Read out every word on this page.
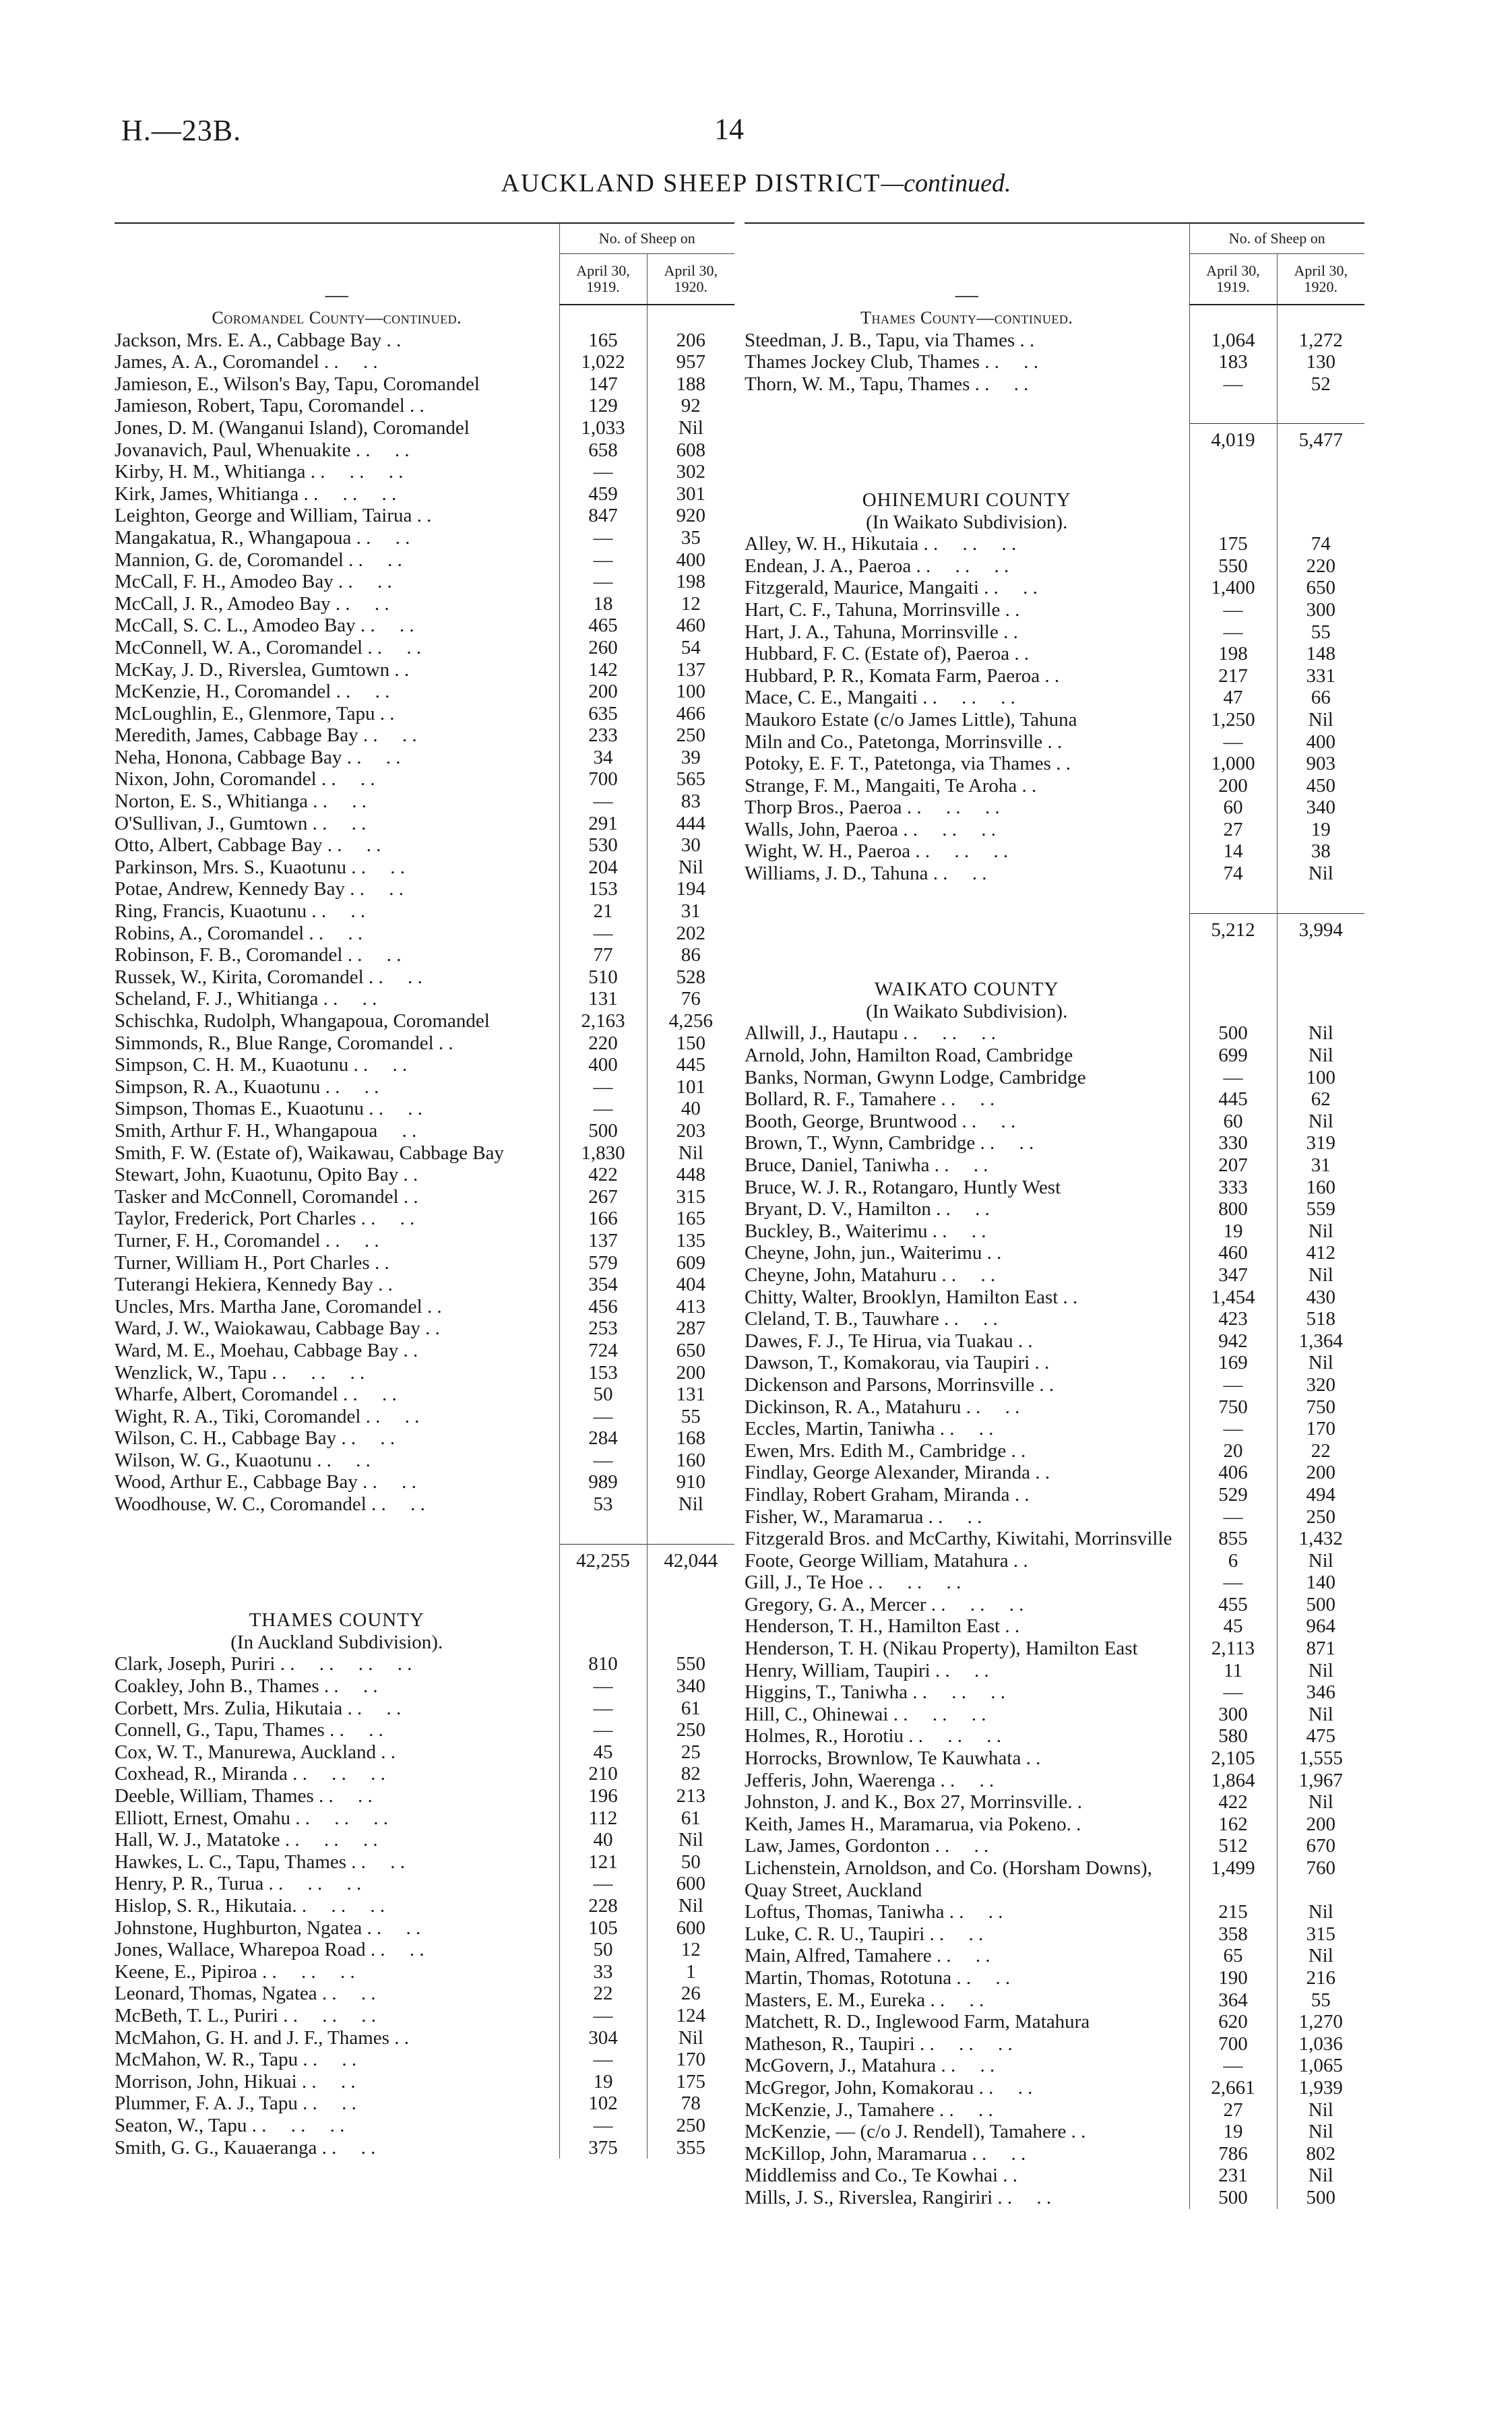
H.—23B.	14
AUCKLAND SHEEP DISTRICT—continued.
—	No. of Sheep on	
	April 30, 1919.	April 30, 1920.
Coromandel County—continued.		
Jackson, Mrs. E. A., Cabbage Bay . .	165	206
James, A. A., Coromandel . .     . .	1,022	957

Jamieson, E., Wilson's Bay, Tapu, Coromandel	147	188
Jamieson, Robert, Tapu, Coromandel . .	129	92

Jones, D. M. (Wanganui Island), Coromandel	1,033	Nil
Jovanavich, Paul, Whenuakite . .     . .	658	608
Kirby, H. M., Whitianga . .     . .     . .	—	302
Kirk, James, Whitianga . .     . .     . .	459	301
Leighton, George and William, Tairua . .	847	920
Mangakatua, R., Whangapoua . .     . .	—	35
Mannion, G. de, Coromandel . .     . .	—	400
McCall, F. H., Amodeo Bay . .     . .	—	198
McCall, J. R., Amodeo Bay . .     . .	18	12
McCall, S. C. L., Amodeo Bay . .     . .	465	460
McConnell, W. A., Coromandel . .     . .	260	54
McKay, J. D., Riverslea, Gumtown . .	142	137
McKenzie, H., Coromandel . .     . .	200	100
McLoughlin, E., Glenmore, Tapu . .	635	466
Meredith, James, Cabbage Bay . .     . .	233	250
Neha, Honona, Cabbage Bay . .     . .	34	39
Nixon, John, Coromandel . .     . .	700	565
Norton, E. S., Whitianga . .     . .	—	83
O'Sullivan, J., Gumtown . .     . .	291	444
Otto, Albert, Cabbage Bay . .     . .	530	30
Parkinson, Mrs. S., Kuaotunu . .     . .	204	Nil
Potae, Andrew, Kennedy Bay . .     . .	153	194
Ring, Francis, Kuaotunu . .     . .	21	31
Robins, A., Coromandel . .     . .	—	202
Robinson, F. B., Coromandel . .     . .	77	86
Russek, W., Kirita, Coromandel . .     . .	510	528
Scheland, F. J., Whitianga . .     . .	131	76

Schischka, Rudolph, Whangapoua, Coromandel	2,163	4,256
Simmonds, R., Blue Range, Coromandel . .	220	150
Simpson, C. H. M., Kuaotunu . .     . .	400	445
Simpson, R. A., Kuaotunu . .     . .	—	101
Simpson, Thomas E., Kuaotunu . .     . .	—	40
Smith, Arthur F. H., Whangapoua     . .	500	203

Smith, F. W. (Estate of), Waikawau, Cabbage Bay	1,830	Nil
Stewart, John, Kuaotunu, Opito Bay . .	422	448
Tasker and McConnell, Coromandel . .	267	315
Taylor, Frederick, Port Charles . .     . .	166	165
Turner, F. H., Coromandel . .     . .	137	135
Turner, William H., Port Charles . .	579	609
Tuterangi Hekiera, Kennedy Bay . .	354	404
Uncles, Mrs. Martha Jane, Coromandel . .	456	413
Ward, J. W., Waiokawau, Cabbage Bay . .	253	287
Ward, M. E., Moehau, Cabbage Bay . .	724	650
Wenzlick, W., Tapu . .     . .     . .	153	200
Wharfe, Albert, Coromandel . .     . .	50	131
Wight, R. A., Tiki, Coromandel . .     . .	—	55
Wilson, C. H., Cabbage Bay . .     . .	284	168
Wilson, W. G., Kuaotunu . .     . .	—	160
Wood, Arthur E., Cabbage Bay . .     . .	989	910
Woodhouse, W. C., Coromandel . .     . .	53	Nil

	42,255	42,044

THAMES COUNTY		
(In Auckland Subdivision).		
Clark, Joseph, Puriri . .     . .     . .     . .	810	550
Coakley, John B., Thames . .     . .	—	340
Corbett, Mrs. Zulia, Hikutaia . .     . .	—	61
Connell, G., Tapu, Thames . .     . .	—	250
Cox, W. T., Manurewa, Auckland . .	45	25
Coxhead, R., Miranda . .     . .     . .	210	82
Deeble, William, Thames . .     . .	196	213
Elliott, Ernest, Omahu . .     . .     . .	112	61
Hall, W. J., Matatoke . .     . .     . .	40	Nil
Hawkes, L. C., Tapu, Thames . .     . .	121	50
Henry, P. R., Turua . .     . .     . .	—	600
Hislop, S. R., Hikutaia. .     . .     . .	228	Nil
Johnstone, Hughburton, Ngatea . .     . .	105	600
Jones, Wallace, Wharepoa Road . .     . .	50	12
Keene, E., Pipiroa . .     . .     . .	33	1
Leonard, Thomas, Ngatea . .     . .	22	26
McBeth, T. L., Puriri . .     . .     . .	—	124
McMahon, G. H. and J. F., Thames . .	304	Nil
McMahon, W. R., Tapu . .     . .	—	170
Morrison, John, Hikuai . .     . .	19	175
Plummer, F. A. J., Tapu . .     . .	102	78
Seaton, W., Tapu . .     . .     . .	—	250
Smith, G. G., Kauaeranga . .     . .	375	355
—	No. of Sheep on	
	April 30, 1919.	April 30, 1920.
Thames County—continued.		
Steedman, J. B., Tapu, via Thames . .	1,064	1,272
Thames Jockey Club, Thames . .     . .	183	130
Thorn, W. M., Tapu, Thames . .     . .	—	52

	4,019	5,477

OHINEMURI COUNTY		
(In Waikato Subdivision).		
Alley, W. H., Hikutaia . .     . .     . .	175	74
Endean, J. A., Paeroa . .     . .     . .	550	220
Fitzgerald, Maurice, Mangaiti . .     . .	1,400	650
Hart, C. F., Tahuna, Morrinsville . .	—	300
Hart, J. A., Tahuna, Morrinsville . .	—	55
Hubbard, F. C. (Estate of), Paeroa . .	198	148
Hubbard, P. R., Komata Farm, Paeroa . .	217	331
Mace, C. E., Mangaiti . .     . .     . .	47	66

Maukoro Estate (c/o James Little), Tahuna	1,250	Nil
Miln and Co., Patetonga, Morrinsville . .	—	400
Potoky, E. F. T., Patetonga, via Thames . .	1,000	903
Strange, F. M., Mangaiti, Te Aroha . .	200	450
Thorp Bros., Paeroa . .     . .     . .	60	340
Walls, John, Paeroa . .     . .     . .	27	19
Wight, W. H., Paeroa . .     . .     . .	14	38
Williams, J. D., Tahuna . .     . .	74	Nil

	5,212	3,994

WAIKATO COUNTY		
(In Waikato Subdivision).		
Allwill, J., Hautapu . .     . .     . .	500	Nil

Arnold, John, Hamilton Road, Cambridge	699	Nil

Banks, Norman, Gwynn Lodge, Cambridge	—	100
Bollard, R. F., Tamahere . .     . .	445	62
Booth, George, Bruntwood . .     . .	60	Nil
Brown, T., Wynn, Cambridge . .     . .	330	319
Bruce, Daniel, Taniwha . .     . .	207	31

Bruce, W. J. R., Rotangaro, Huntly West	333	160
Bryant, D. V., Hamilton . .     . .	800	559
Buckley, B., Waiterimu . .     . .	19	Nil
Cheyne, John, jun., Waiterimu . .	460	412
Cheyne, John, Matahuru . .     . .	347	Nil

Chitty, Walter, Brooklyn, Hamilton East . .	1,454	430
Cleland, T. B., Tauwhare . .     . .	423	518
Dawes, F. J., Te Hirua, via Tuakau . .	942	1,364
Dawson, T., Komakorau, via Taupiri . .	169	Nil
Dickenson and Parsons, Morrinsville . .	—	320
Dickinson, R. A., Matahuru . .     . .	750	750
Eccles, Martin, Taniwha . .     . .	—	170
Ewen, Mrs. Edith M., Cambridge . .	20	22
Findlay, George Alexander, Miranda . .	406	200
Findlay, Robert Graham, Miranda . .	529	494
Fisher, W., Maramarua . .     . .	—	250

Fitzgerald Bros. and McCarthy, Kiwitahi, Morrinsville	855	1,432
Foote, George William, Matahura . .	6	Nil
Gill, J., Te Hoe . .     . .     . .	—	140
Gregory, G. A., Mercer . .     . .     . .	455	500
Henderson, T. H., Hamilton East . .	45	964

Henderson, T. H. (Nikau Property), Hamilton East	2,113	871
Henry, William, Taupiri . .     . .	11	Nil
Higgins, T., Taniwha . .     . .     . .	—	346
Hill, C., Ohinewai . .     . .     . .	300	Nil
Holmes, R., Horotiu . .     . .     . .	580	475
Horrocks, Brownlow, Te Kauwhata . .	2,105	1,555
Jefferis, John, Waerenga . .     . .	1,864	1,967

Johnston, J. and K., Box 27, Morrinsville. .	422	Nil

Keith, James H., Maramarua, via Pokeno. .	162	200
Law, James, Gordonton . .     . .	512	670

Lichenstein, Arnoldson, and Co. (Horsham Downs), Quay Street, Auckland	1,499	760
Loftus, Thomas, Taniwha . .     . .	215	Nil
Luke, C. R. U., Taupiri . .     . .	358	315
Main, Alfred, Tamahere . .     . .	65	Nil
Martin, Thomas, Rototuna . .     . .	190	216
Masters, E. M., Eureka . .     . .	364	55

Matchett, R. D., Inglewood Farm, Matahura	620	1,270
Matheson, R., Taupiri . .     . .     . .	700	1,036
McGovern, J., Matahura . .     . .	—	1,065
McGregor, John, Komakorau . .     . .	2,661	1,939
McKenzie, J., Tamahere . .     . .	27	Nil

McKenzie, — (c/o J. Rendell), Tamahere . .	19	Nil
McKillop, John, Maramarua . .     . .	786	802
Middlemiss and Co., Te Kowhai . .	231	Nil
Mills, J. S., Riverslea, Rangiriri . .     . .	500	500
